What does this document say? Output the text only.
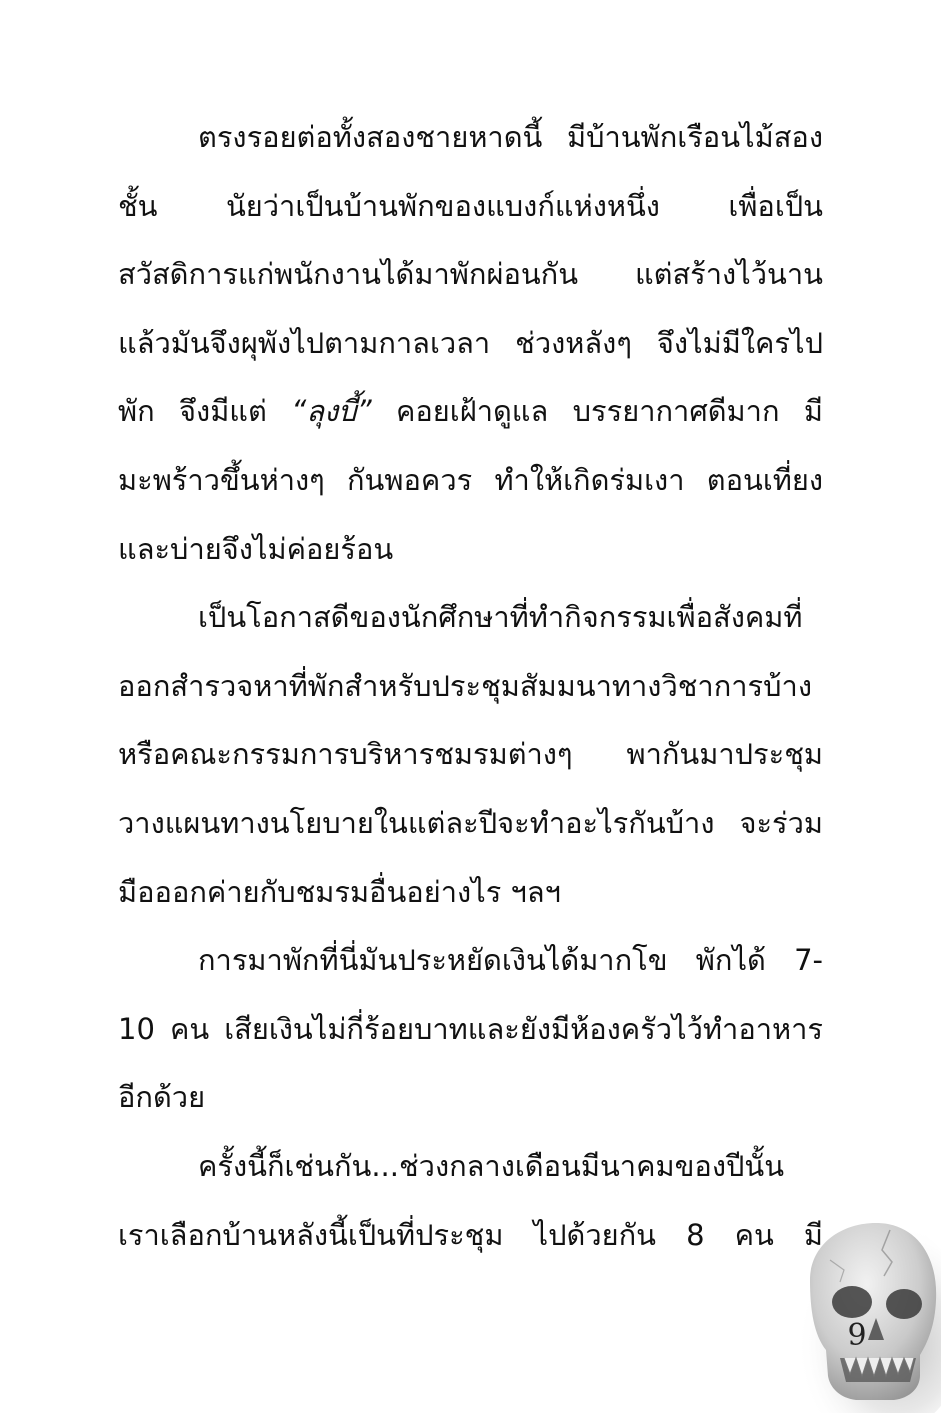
ตรงรอยต่อทั้งสองชายหาดนี้ มีบ้านพักเรือนไม้สอง
ชั้น นัยว่าเป็นบ้านพักของแบงก์แห่งหนึ่ง เพื่อเป็น
สวัสดิการแก่พนักงานได้มาพักผ่อนกัน แต่สร้างไว้นาน
แล้วมันจึงผุพังไปตามกาลเวลา ช่วงหลังๆ จึงไม่มีใครไป
พัก จึงมีแต่ “ลุงบี้” คอยเฝ้าดูแล บรรยากาศดีมาก มี
มะพร้าวขึ้นห่างๆ กันพอควร ทำให้เกิดร่มเงา ตอนเที่ยง
และบ่ายจึงไม่ค่อยร้อน
เป็นโอกาสดีของนักศึกษาที่ทำกิจกรรมเพื่อสังคมที่
ออกสำรวจหาที่พักสำหรับประชุมสัมมนาทางวิชาการบ้าง
หรือคณะกรรมการบริหารชมรมต่างๆ พากันมาประชุม
วางแผนทางนโยบายในแต่ละปีจะทำอะไรกันบ้าง จะร่วม
มือออกค่ายกับชมรมอื่นอย่างไร ฯลฯ
การมาพักที่นี่มันประหยัดเงินได้มากโข พักได้ 7-
10 คน เสียเงินไม่กี่ร้อยบาทและยังมีห้องครัวไว้ทำอาหาร
อีกด้วย
ครั้งนี้ก็เช่นกัน...ช่วงกลางเดือนมีนาคมของปีนั้น
เราเลือกบ้านหลังนี้เป็นที่ประชุม ไปด้วยกัน 8 คน มี
9
